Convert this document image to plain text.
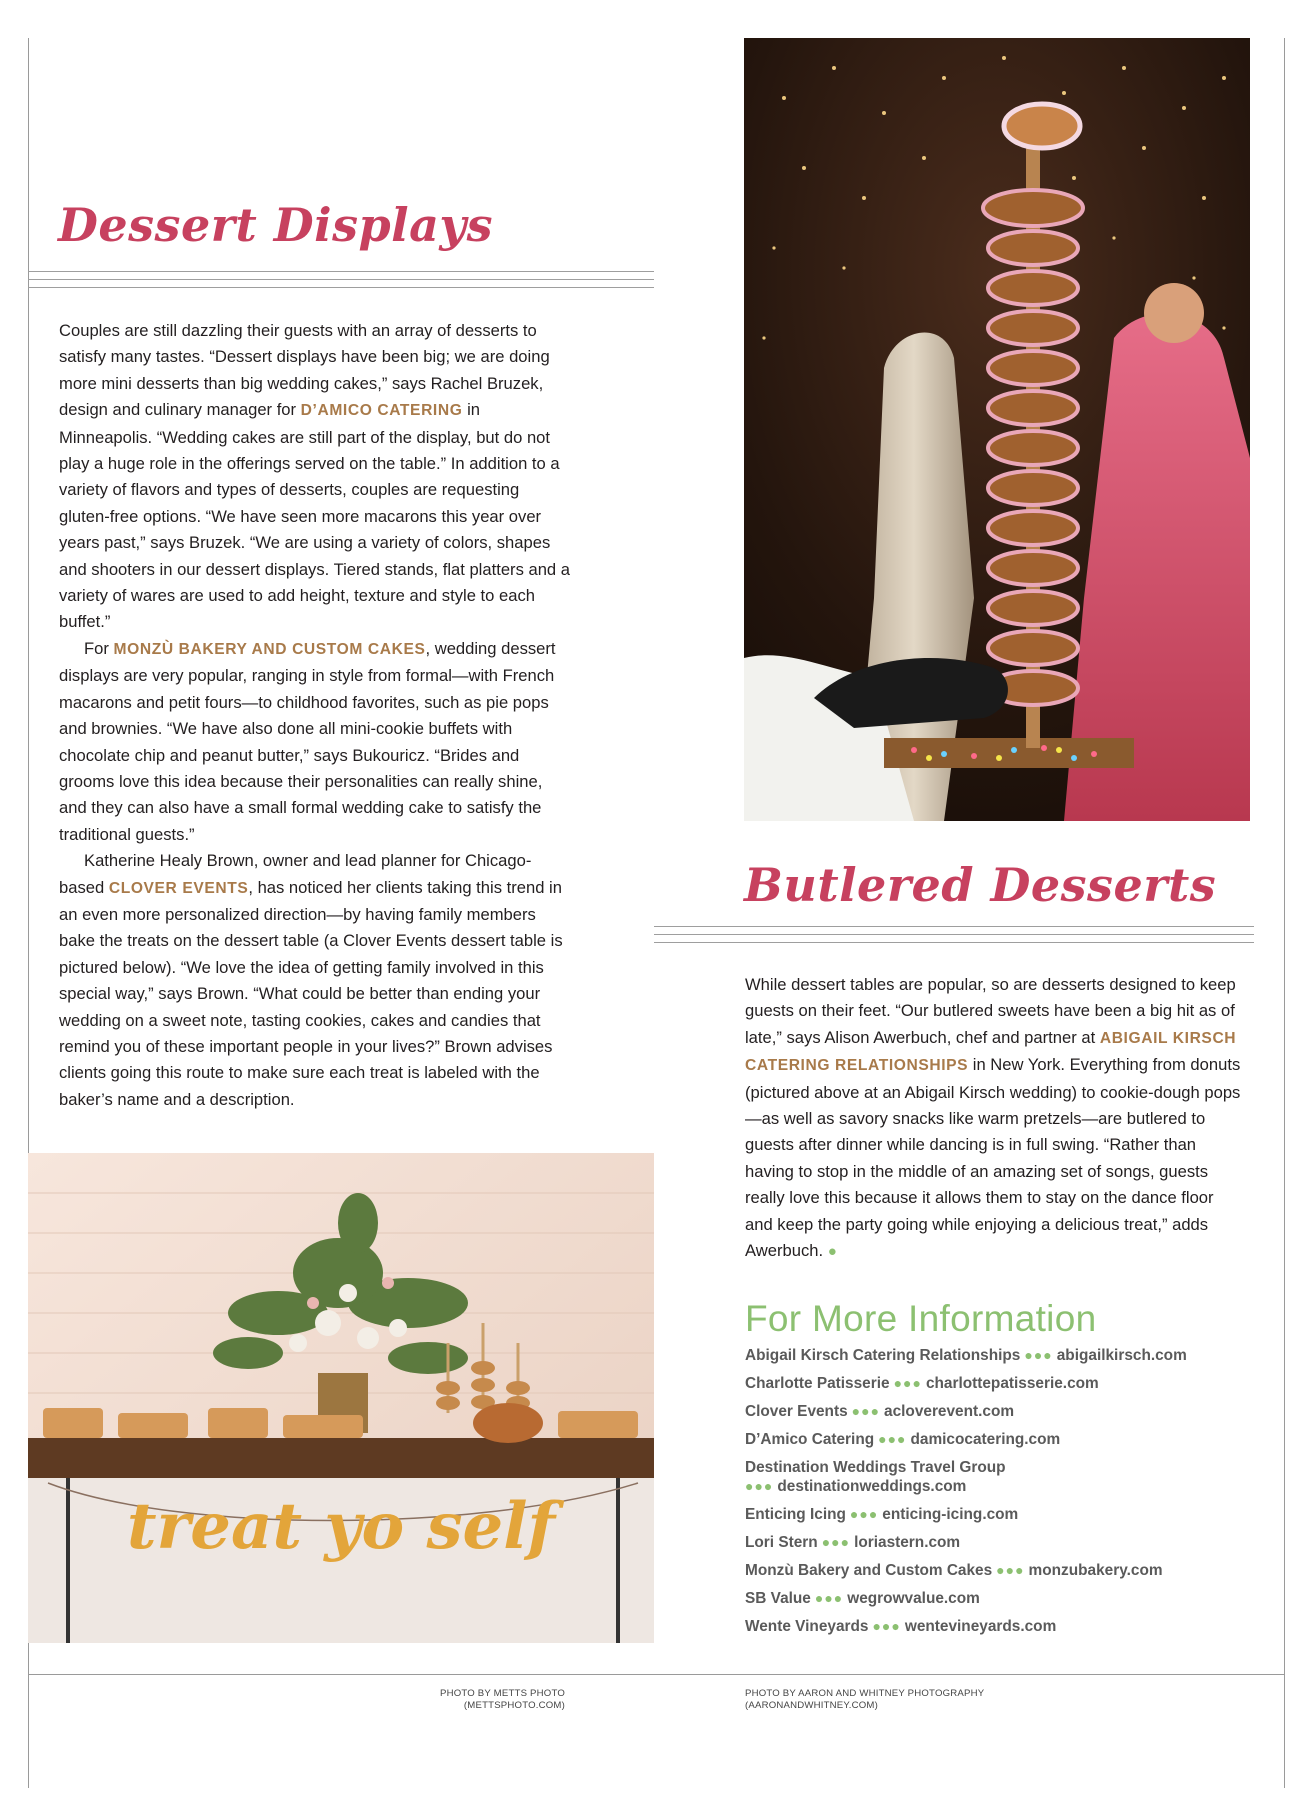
Dessert Displays

Couples are still dazzling their guests with an array of desserts to satisfy many tastes. “Dessert displays have been big; we are doing more mini desserts than big wedding cakes,” says Rachel Bruzek, design and culinary manager for D’AMICO CATERING in Minneapolis. “Wedding cakes are still part of the display, but do not play a huge role in the offerings served on the table.” In addition to a variety of flavors and types of desserts, couples are requesting gluten-free options. “We have seen more macarons this year over years past,” says Bruzek. “We are using a variety of colors, shapes and shooters in our dessert displays. Tiered stands, flat platters and a variety of wares are used to add height, texture and style to each buffet.”

For MONZÙ BAKERY AND CUSTOM CAKES, wedding dessert displays are very popular, ranging in style from formal—with French macarons and petit fours—to childhood favorites, such as pie pops and brownies. “We have also done all mini-cookie buffets with chocolate chip and peanut butter,” says Bukouricz. “Brides and grooms love this idea because their personalities can really shine, and they can also have a small formal wedding cake to satisfy the traditional guests.”

Katherine Healy Brown, owner and lead planner for Chicago-based CLOVER EVENTS, has noticed her clients taking this trend in an even more personalized direction—by having family members bake the treats on the dessert table (a Clover Events dessert table is pictured below). “We love the idea of getting family involved in this special way,” says Brown. “What could be better than ending your wedding on a sweet note, tasting cookies, cakes and candies that remind you of these important people in your lives?” Brown advises clients going this route to make sure each treat is labeled with the baker’s name and a description.

Butlered Desserts

While dessert tables are popular, so are desserts designed to keep guests on their feet. “Our butlered sweets have been a big hit as of late,” says Alison Awerbuch, chef and partner at ABIGAIL KIRSCH CATERING RELATIONSHIPS in New York. Everything from donuts (pictured above at an Abigail Kirsch wedding) to cookie-dough pops—as well as savory snacks like warm pretzels—are butlered to guests after dinner while dancing is in full swing. “Rather than having to stop in the middle of an amazing set of songs, guests really love this because it allows them to stay on the dance floor and keep the party going while enjoying a delicious treat,” adds Awerbuch. ●

treat yo self
For More Information
Abigail Kirsch Catering Relationships ●●● abigailkirsch.com
Charlotte Patisserie ●●● charlottepatisserie.com
Clover Events ●●● acloverevent.com
D’Amico Catering ●●● damicocatering.com
Destination Weddings Travel Group
●●● destinationweddings.com
Enticing Icing ●●● enticing-icing.com
Lori Stern ●●● loriastern.com
Monzù Bakery and Custom Cakes ●●● monzubakery.com
SB Value ●●● wegrowvalue.com
Wente Vineyards ●●● wentevineyards.com
PHOTO BY METTS PHOTO
(METTSPHOTO.COM)
PHOTO BY AARON AND WHITNEY PHOTOGRAPHY
(AARONANDWHITNEY.COM)
